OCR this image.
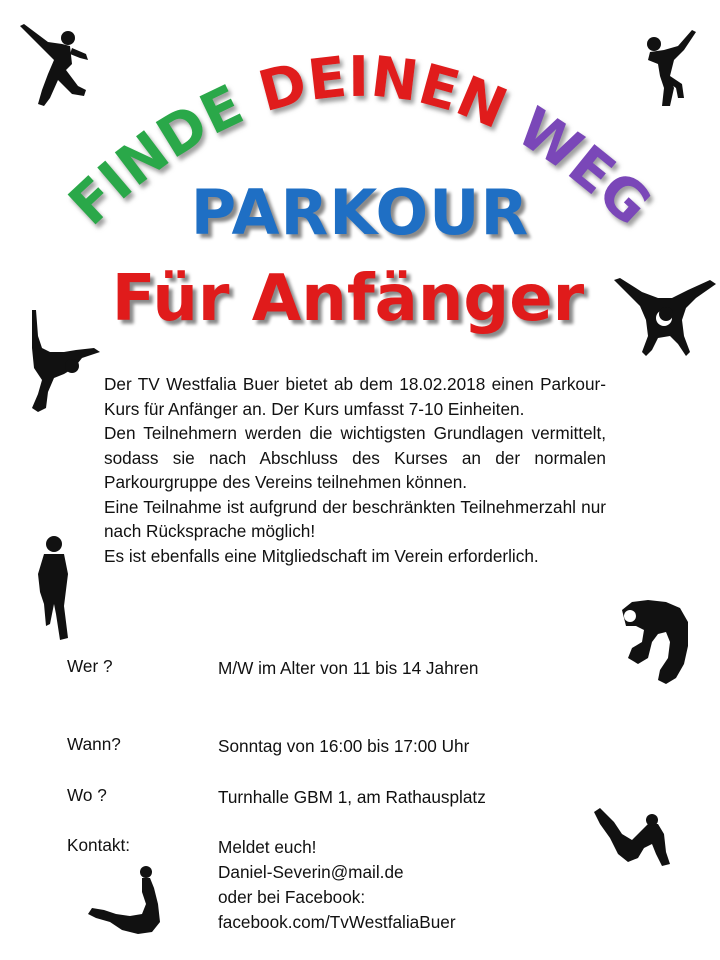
FINDE DEINEN WEG
PARKOUR
Für Anfänger

Der TV Westfalia Buer bietet ab dem 18.02.2018 einen Parkour-Kurs für Anfänger an. Der Kurs umfasst 7-10 Einheiten.

Den Teilnehmern werden die wichtigsten Grundlagen vermittelt, sodass sie nach Abschluss des Kurses an der normalen Parkourgruppe des Vereins teilnehmen können.

Eine Teilnahme ist aufgrund der beschränkten Teilnehmerzahl nur nach Rücksprache möglich!

Es ist ebenfalls eine Mitgliedschaft im Verein erforderlich.

Wer ?	M/W im Alter von 11 bis 14 Jahren
Wann?	Sonntag von 16:00 bis 17:00 Uhr
Wo ?	Turnhalle GBM 1, am Rathausplatz
Kontakt:	Meldet euch!
Daniel-Severin@mail.de
oder bei Facebook:
facebook.com/TvWestfaliaBuer
